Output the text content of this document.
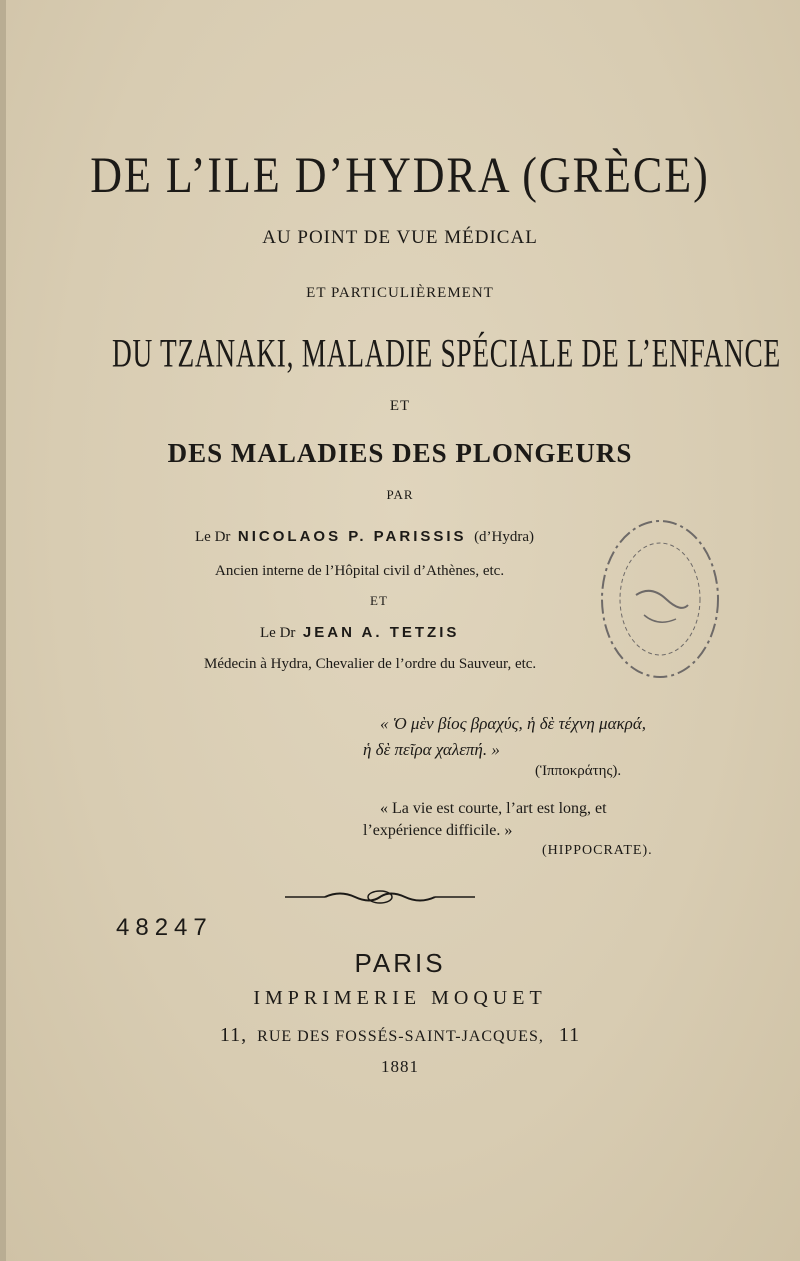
DE L’ILE D’HYDRA (GRÈCE)
AU POINT DE VUE MÉDICAL
ET PARTICULIÈREMENT
DU TZANAKI, MALADIE SPÉCIALE DE L’ENFANCE
ET
DES MALADIES DES PLONGEURS
PAR
Le Dr NICOLAOS P. PARISSIS (d’Hydra)
Ancien interne de l’Hôpital civil d’Athènes, etc.
ET
Le Dr JEAN A. TETZIS
Médecin à Hydra, Chevalier de l’ordre du Sauveur, etc.
« Ὁ μὲν βίος βραχύς, ἡ δὲ τέχνη μακρά,
ἡ δὲ πεῖρα χαλεπή. »
(Ἱπποκράτης).
« La vie est courte, l’art est long, et
l’expérience difficile. »
(HIPPOCRATE).
48247
PARIS
IMPRIMERIE MOQUET
11, RUE DES FOSSÉS-SAINT-JACQUES, 11
1881
